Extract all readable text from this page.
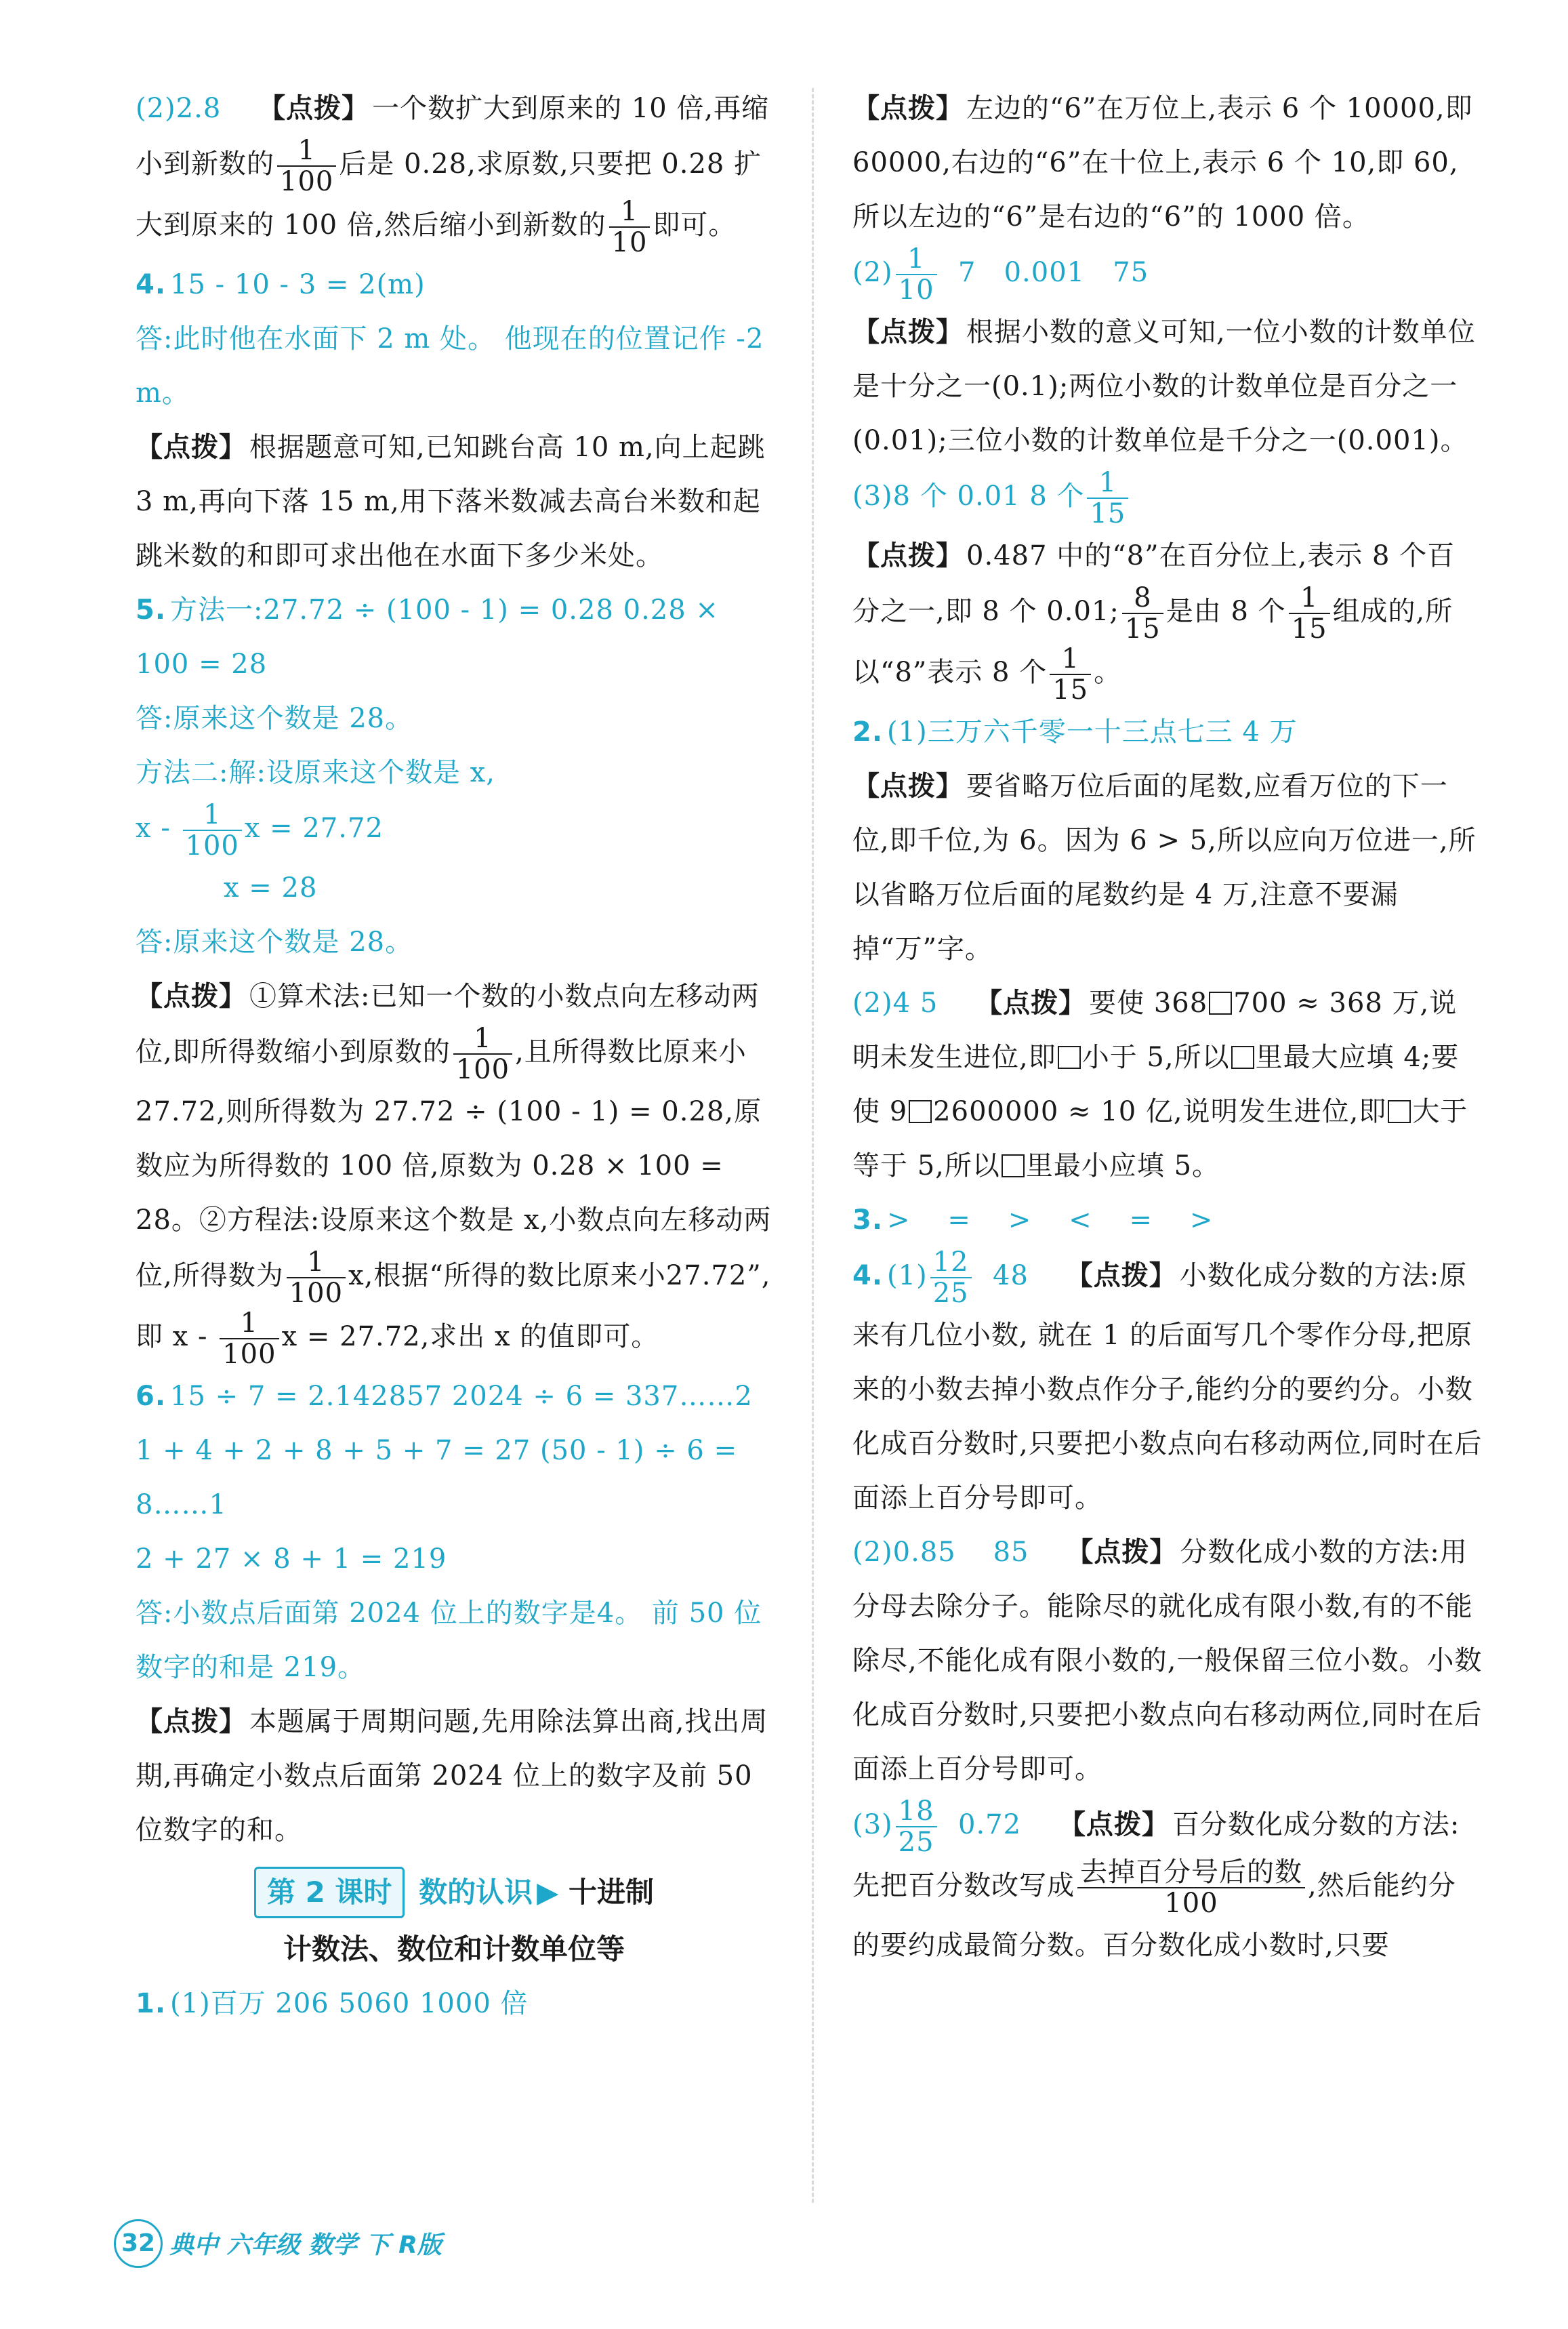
(2)2.8 【点拨】 一个数扩大到原来的 10 倍,再缩小到新数的 $\frac{1}{100}$ 后是 0.28,求原数,只要把 0.28 扩大到原来的 100 倍,然后缩小到新数的 $\frac{1}{10}$ 即可。

4. 15 - 10 - 3 = 2(m)

答:此时他在水面下 2 m 处。 他现在的位置记作 -2 m。

【点拨】 根据题意可知,已知跳台高 10 m,向上起跳 3 m,再向下落 15 m,用下落米数减去高台米数和起跳米数的和即可求出他在水面下多少米处。

5. 方法一:27.72 ÷ (100 - 1) = 0.28 0.28 × 100 = 28

答:原来这个数是 28。

方法二:解:设原来这个数是 x,

x - $\frac{1}{100}$ x = 27.72

x = 28

答:原来这个数是 28。

【点拨】 ①算术法:已知一个数的小数点向左移动两位,即所得数缩小到原数的 $\frac{1}{100}$ ,且所得数比原来小 27.72,则所得数为 27.72 ÷ (100 - 1) = 0.28,原数应为所得数的 100 倍,原数为 0.28 × 100 = 28。②方程法:设原来这个数是 x,小数点向左移动两位,所得数为 $\frac{1}{100} x$,根据“所得的数比原来小27.72”,即 x - $\frac{1}{100}$ x = 27.72,求出 x 的值即可。

6. 15 ÷ 7 = 2.142857 2024 ÷ 6 = 337……2

1 + 4 + 2 + 8 + 5 + 7 = 27 (50 - 1) ÷ 6 = 8……1

2 + 27 × 8 + 1 = 219

答:小数点后面第 2024 位上的数字是4。 前 50 位数字的和是 219。

【点拨】 本题属于周期问题,先用除法算出商,找出周期,再确定小数点后面第 2024 位上的数字及前 50 位数字的和。

第 2 课时 数的认识 ▶ 十进制
计数法、数位和计数单位等

1. (1)百万 206 5060 1000 倍

【点拨】 左边的“6”在万位上,表示 6 个 10000,即 60000,右边的“6”在十位上,表示 6 个 10,即 60,所以左边的“6”是右边的“6”的 1000 倍。

$(2) \frac{1}{10} 7$   0.001   75

【点拨】 根据小数的意义可知,一位小数的计数单位是十分之一(0.1);两位小数的计数单位是百分之一(0.01);三位小数的计数单位是千分之一(0.001)。

(3)8 个 0.01 8 个 $\frac{1}{15}$

【点拨】 0.487 中的“8”在百分位上,表示 8 个百分之一,即 8 个 0.01; $\frac{8}{15}$ 是由 8 个 $\frac{1}{15}$ 组成的,所以“8”表示 8 个 $\frac{1}{15}$ 。

2. (1)三万六千零一十三点七三 4 万

【点拨】 要省略万位后面的尾数,应看万位的下一位,即千位,为 6。因为 6 > 5,所以应向万位进一,所以省略万位后面的尾数约是 4 万,注意不要漏掉“万”字。

(2)4 5 【点拨】 要使 368 700 ≈ 368 万,说明未发生进位,即 小于 5,所以 里最大应填 4;要使 9 2600000 ≈ 10 亿,说明发生进位,即 大于等于 5,所以 里最小应填 5。

3. >    =    >    <    =    >

4. $(1) \frac{12}{25} 48$ 【点拨】 小数化成分数的方法:原来有几位小数, 就在 1 的后面写几个零作分母,把原来的小数去掉小数点作分子,能约分的要约分。小数化成百分数时,只要把小数点向右移动两位,同时在后面添上百分号即可。

(2)0.85    85 【点拨】 分数化成小数的方法:用分母去除分子。能除尽的就化成有限小数,有的不能除尽,不能化成有限小数的,一般保留三位小数。小数化成百分数时,只要把小数点向右移动两位,同时在后面添上百分号即可。

$(3) \frac{18}{25} 0.72$ 【点拨】 百分数化成分数的方法:先把百分数改写成 $\frac{\text{去掉百分号后的数}}{100}$ ,然后能约分的要约成最简分数。百分数化成小数时,只要

32 典中 六年级 数学 下 R版
